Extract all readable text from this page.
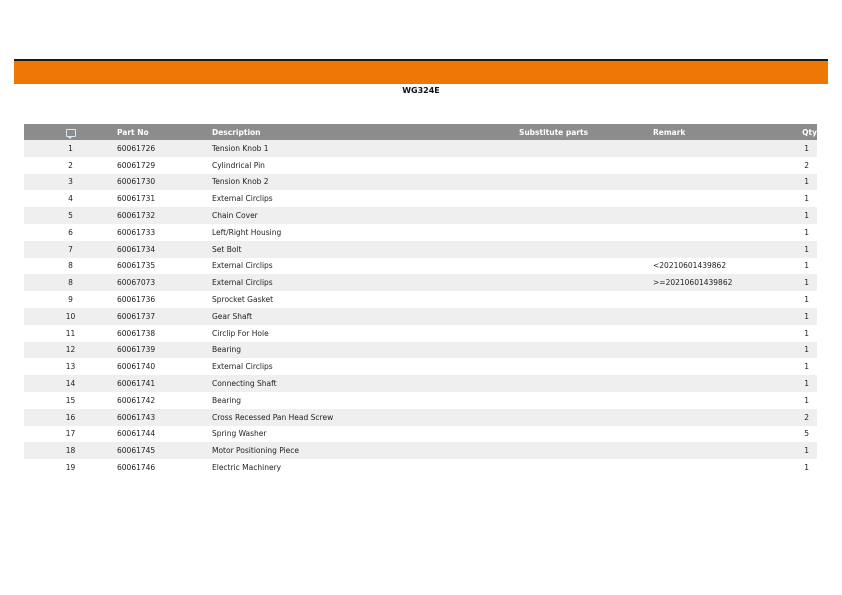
WG324E
	Part No	Description	Substitute parts	Remark	Qty
1	60061726	Tension Knob 1			1
2	60061729	Cylindrical Pin			2
3	60061730	Tension Knob 2			1
4	60061731	External Circlips			1
5	60061732	Chain Cover			1
6	60061733	Left/Right Housing			1
7	60061734	Set Bolt			1
8	60061735	External Circlips		<20210601439862	1
8	60067073	External Circlips		>=20210601439862	1
9	60061736	Sprocket Gasket			1
10	60061737	Gear Shaft			1
11	60061738	Circlip For Hole			1
12	60061739	Bearing			1
13	60061740	External Circlips			1
14	60061741	Connecting Shaft			1
15	60061742	Bearing			1
16	60061743	Cross Recessed Pan Head Screw			2
17	60061744	Spring Washer			5
18	60061745	Motor Positioning Piece			1
19	60061746	Electric Machinery			1
